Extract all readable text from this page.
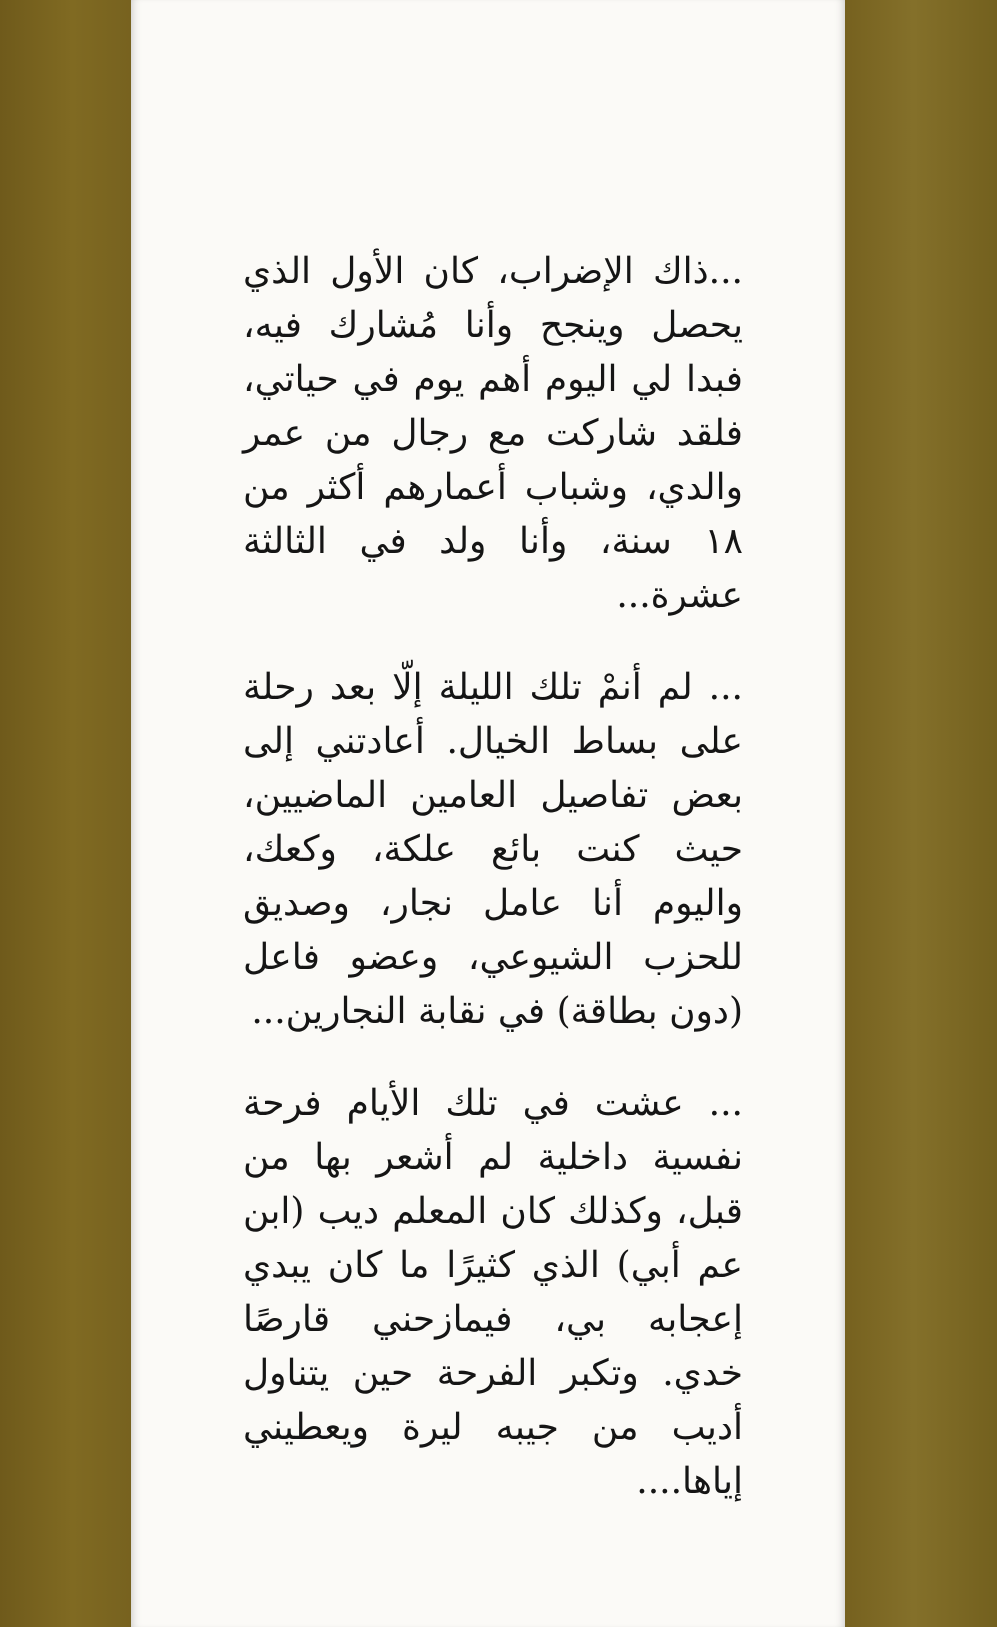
...ذاك الإضراب، كان الأول الذي يحصل وينجح وأنا مُشارك فيه، فبدا لي اليوم أهم يوم في حياتي، فلقد شاركت مع رجال من عمر والدي، وشباب أعمارهم أكثر من ١٨ سنة، وأنا ولد في الثالثة عشرة...

... لم أنمْ تلك الليلة إلّا بعد رحلة على بساط الخيال. أعادتني إلى بعض تفاصيل العامين الماضيين، حيث كنت بائع علكة، وكعك، واليوم أنا عامل نجار، وصديق للحزب الشيوعي، وعضو فاعل (دون بطاقة) في نقابة النجارين...

... عشت في تلك الأيام فرحة نفسية داخلية لم أشعر بها من قبل، وكذلك كان المعلم ديب (ابن عم أبي) الذي كثيرًا ما كان يبدي إعجابه بي، فيمازحني قارصًا خدي. وتكبر الفرحة حين يتناول أديب من جيبه ليرة ويعطيني إياها....
